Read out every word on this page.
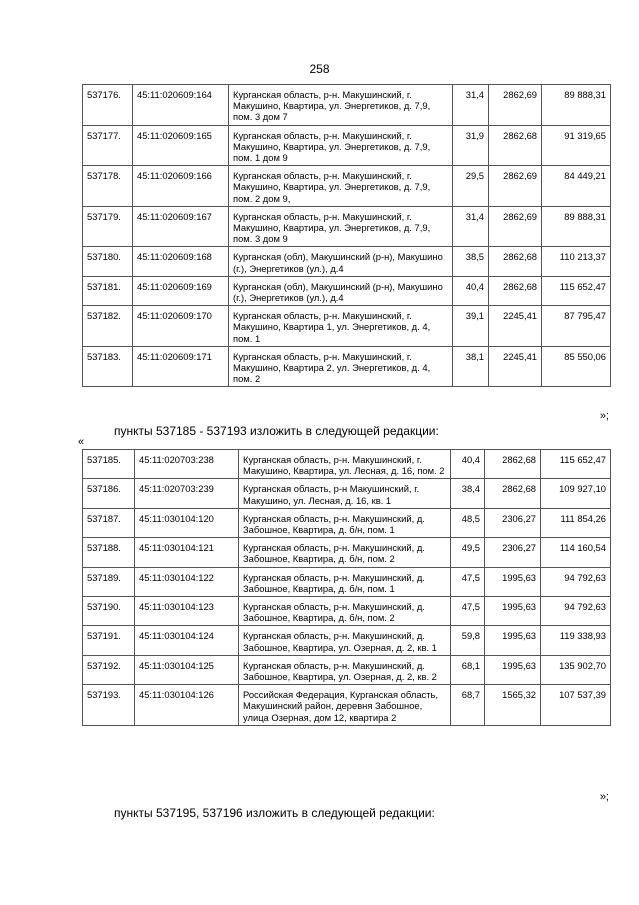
258
537176.	45:11:020609:164	Курганская область, р-н. Макушинский, г. Макушино, Квартира, ул. Энергетиков, д. 7,9, пом. 3 дом 7	31,4	2862,69	89 888,31
537177.	45:11:020609:165	Курганская область, р-н. Макушинский, г. Макушино, Квартира, ул. Энергетиков, д. 7,9, пом. 1 дом 9	31,9	2862,68	91 319,65
537178.	45:11:020609:166	Курганская область, р-н. Макушинский, г. Макушино, Квартира, ул. Энергетиков, д. 7,9, пом. 2 дом 9,	29,5	2862,69	84 449,21
537179.	45:11:020609:167	Курганская область, р-н. Макушинский, г. Макушино, Квартира, ул. Энергетиков, д. 7,9, пом. 3 дом 9	31,4	2862,69	89 888,31
537180.	45:11:020609:168	Курганская (обл), Макушинский (р-н), Макушино (г.), Энергетиков (ул.), д.4	38,5	2862,68	110 213,37
537181.	45:11:020609:169	Курганская (обл), Макушинский (р-н), Макушино (г.), Энергетиков (ул.), д.4	40,4	2862,68	115 652,47
537182.	45:11:020609:170	Курганская область, р-н. Макушинский, г. Макушино, Квартира 1, ул. Энергетиков, д. 4, пом. 1	39,1	2245,41	87 795,47
537183.	45:11:020609:171	Курганская область, р-н. Макушинский, г. Макушино, Квартира 2, ул. Энергетиков, д. 4, пом. 2	38,1	2245,41	85 550,06
»;
пункты 537185 - 537193 изложить в следующей редакции:
«
537185.	45:11:020703:238	Курганская область, р-н. Макушинский, г. Макушино, Квартира, ул. Лесная, д. 16, пом. 2	40,4	2862,68	115 652,47
537186.	45:11:020703:239	Курганская область, р-н Макушинский, г. Макушино, ул. Лесная, д. 16, кв. 1	38,4	2862,68	109 927,10
537187.	45:11:030104:120	Курганская область, р-н. Макушинский, д. Забошное, Квартира, д. б/н, пом. 1	48,5	2306,27	111 854,26
537188.	45:11:030104:121	Курганская область, р-н. Макушинский, д. Забошное, Квартира, д. б/н, пом. 2	49,5	2306,27	114 160,54
537189.	45:11:030104:122	Курганская область, р-н. Макушинский, д. Забошное, Квартира, д. б/н, пом. 1	47,5	1995,63	94 792,63
537190.	45:11:030104:123	Курганская область, р-н. Макушинский, д. Забошное, Квартира, д. б/н, пом. 2	47,5	1995,63	94 792,63
537191.	45:11:030104:124	Курганская область, р-н. Макушинский, д. Забошное, Квартира, ул. Озерная, д. 2, кв. 1	59,8	1995,63	119 338,93
537192.	45:11:030104:125	Курганская область, р-н. Макушинский, д. Забошное, Квартира, ул. Озерная, д. 2, кв. 2	68,1	1995,63	135 902,70
537193.	45:11:030104:126	Российская Федерация, Курганская область, Макушинский район, деревня Забошное, улица Озерная, дом 12, квартира 2	68,7	1565,32	107 537,39
»;
пункты 537195, 537196 изложить в следующей редакции:
